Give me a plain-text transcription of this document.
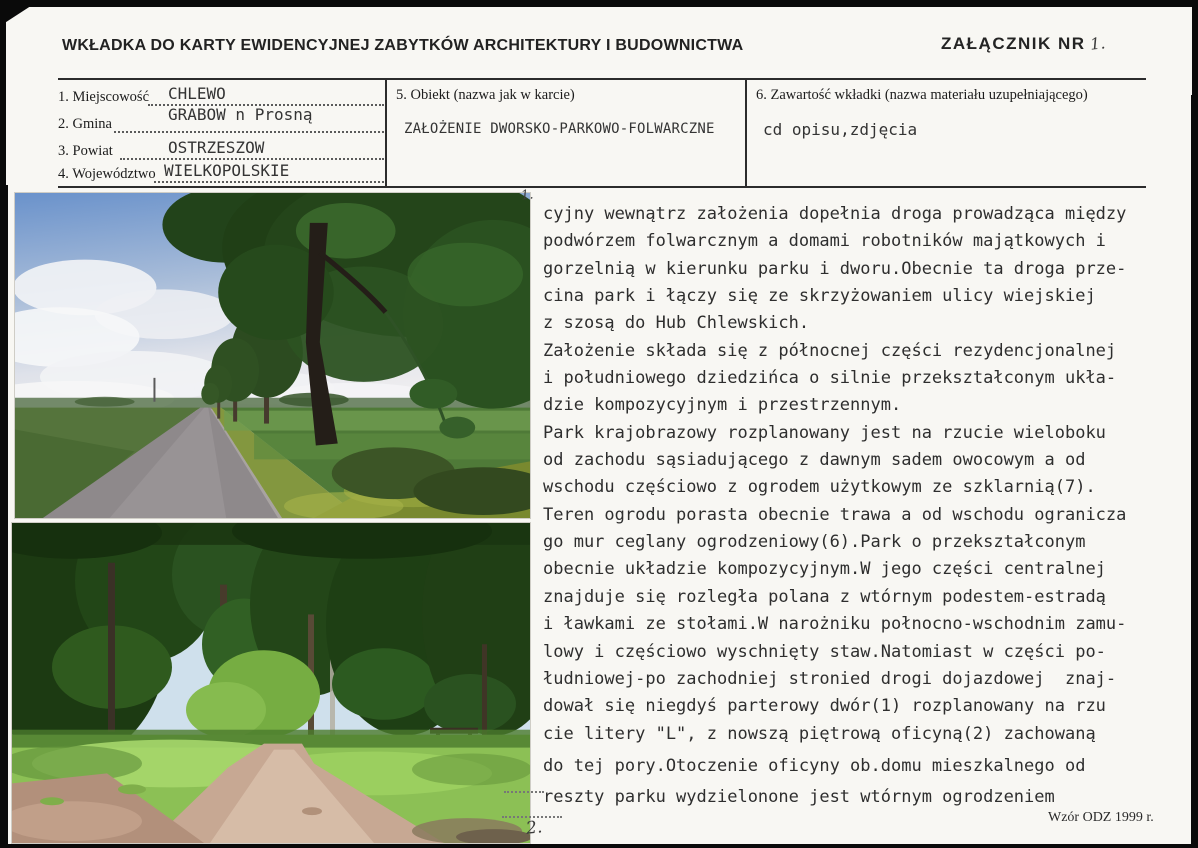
WKŁADKA DO KARTY EWIDENCYJNEJ ZABYTKÓW ARCHITEKTURY I BUDOWNICTWA	ZAŁĄCZNIK NR 1.
1. Miejscowość CHLEWO
GRABOW n Prosną
2. Gmina
3. Powiat	OSTRZESZOW
4. Województwo WIELKOPOLSKIE
5. Obiekt (nazwa jak w karcie)
ZAŁOŻENIE DWORSKO-PARKOWO-FOLWARCZNE
6. Zawartość wkładki (nazwa materiału uzupełniającego)
cd opisu,zdjęcia
1.
2.
cyjny wewnątrz założenia dopełnia droga prowadząca między
podwórzem folwarcznym a domami robotników majątkowych i
gorzelnią w kierunku parku i dworu.Obecnie ta droga prze-
cina park i łączy się ze skrzyżowaniem ulicy wiejskiej
z szosą do Hub Chlewskich.
Założenie składa się z północnej części rezydencjonalnej
i południowego dziedzińca o silnie przekształconym ukła-
dzie kompozycyjnym i przestrzennym.
Park krajobrazowy rozplanowany jest na rzucie wieloboku
od zachodu sąsiadującego z dawnym sadem owocowym a od
wschodu częściowo z ogrodem użytkowym ze szklarnią(7).
Teren ogrodu porasta obecnie trawa a od wschodu ogranicza
go mur ceglany ogrodzeniowy(6).Park o przekształconym
obecnie układzie kompozycyjnym.W jego części centralnej
znajduje się rozległa polana z wtórnym podestem-estradą
i ławkami ze stołami.W narożniku połnocno-wschodnim zamu-
lowy i częściowo wyschnięty staw.Natomiast w części po-
łudniowej-po zachodniej stronied drogi dojazdowej  znaj-
dował się niegdyś parterowy dwór(1) rozplanowany na rzu
cie litery "L", z nowszą piętrową oficyną(2) zachowaną
do tej pory.Otoczenie oficyny ob.domu mieszkalnego od
reszty parku wydzielonone jest wtórnym ogrodzeniem
Wzór ODZ 1999 r.
